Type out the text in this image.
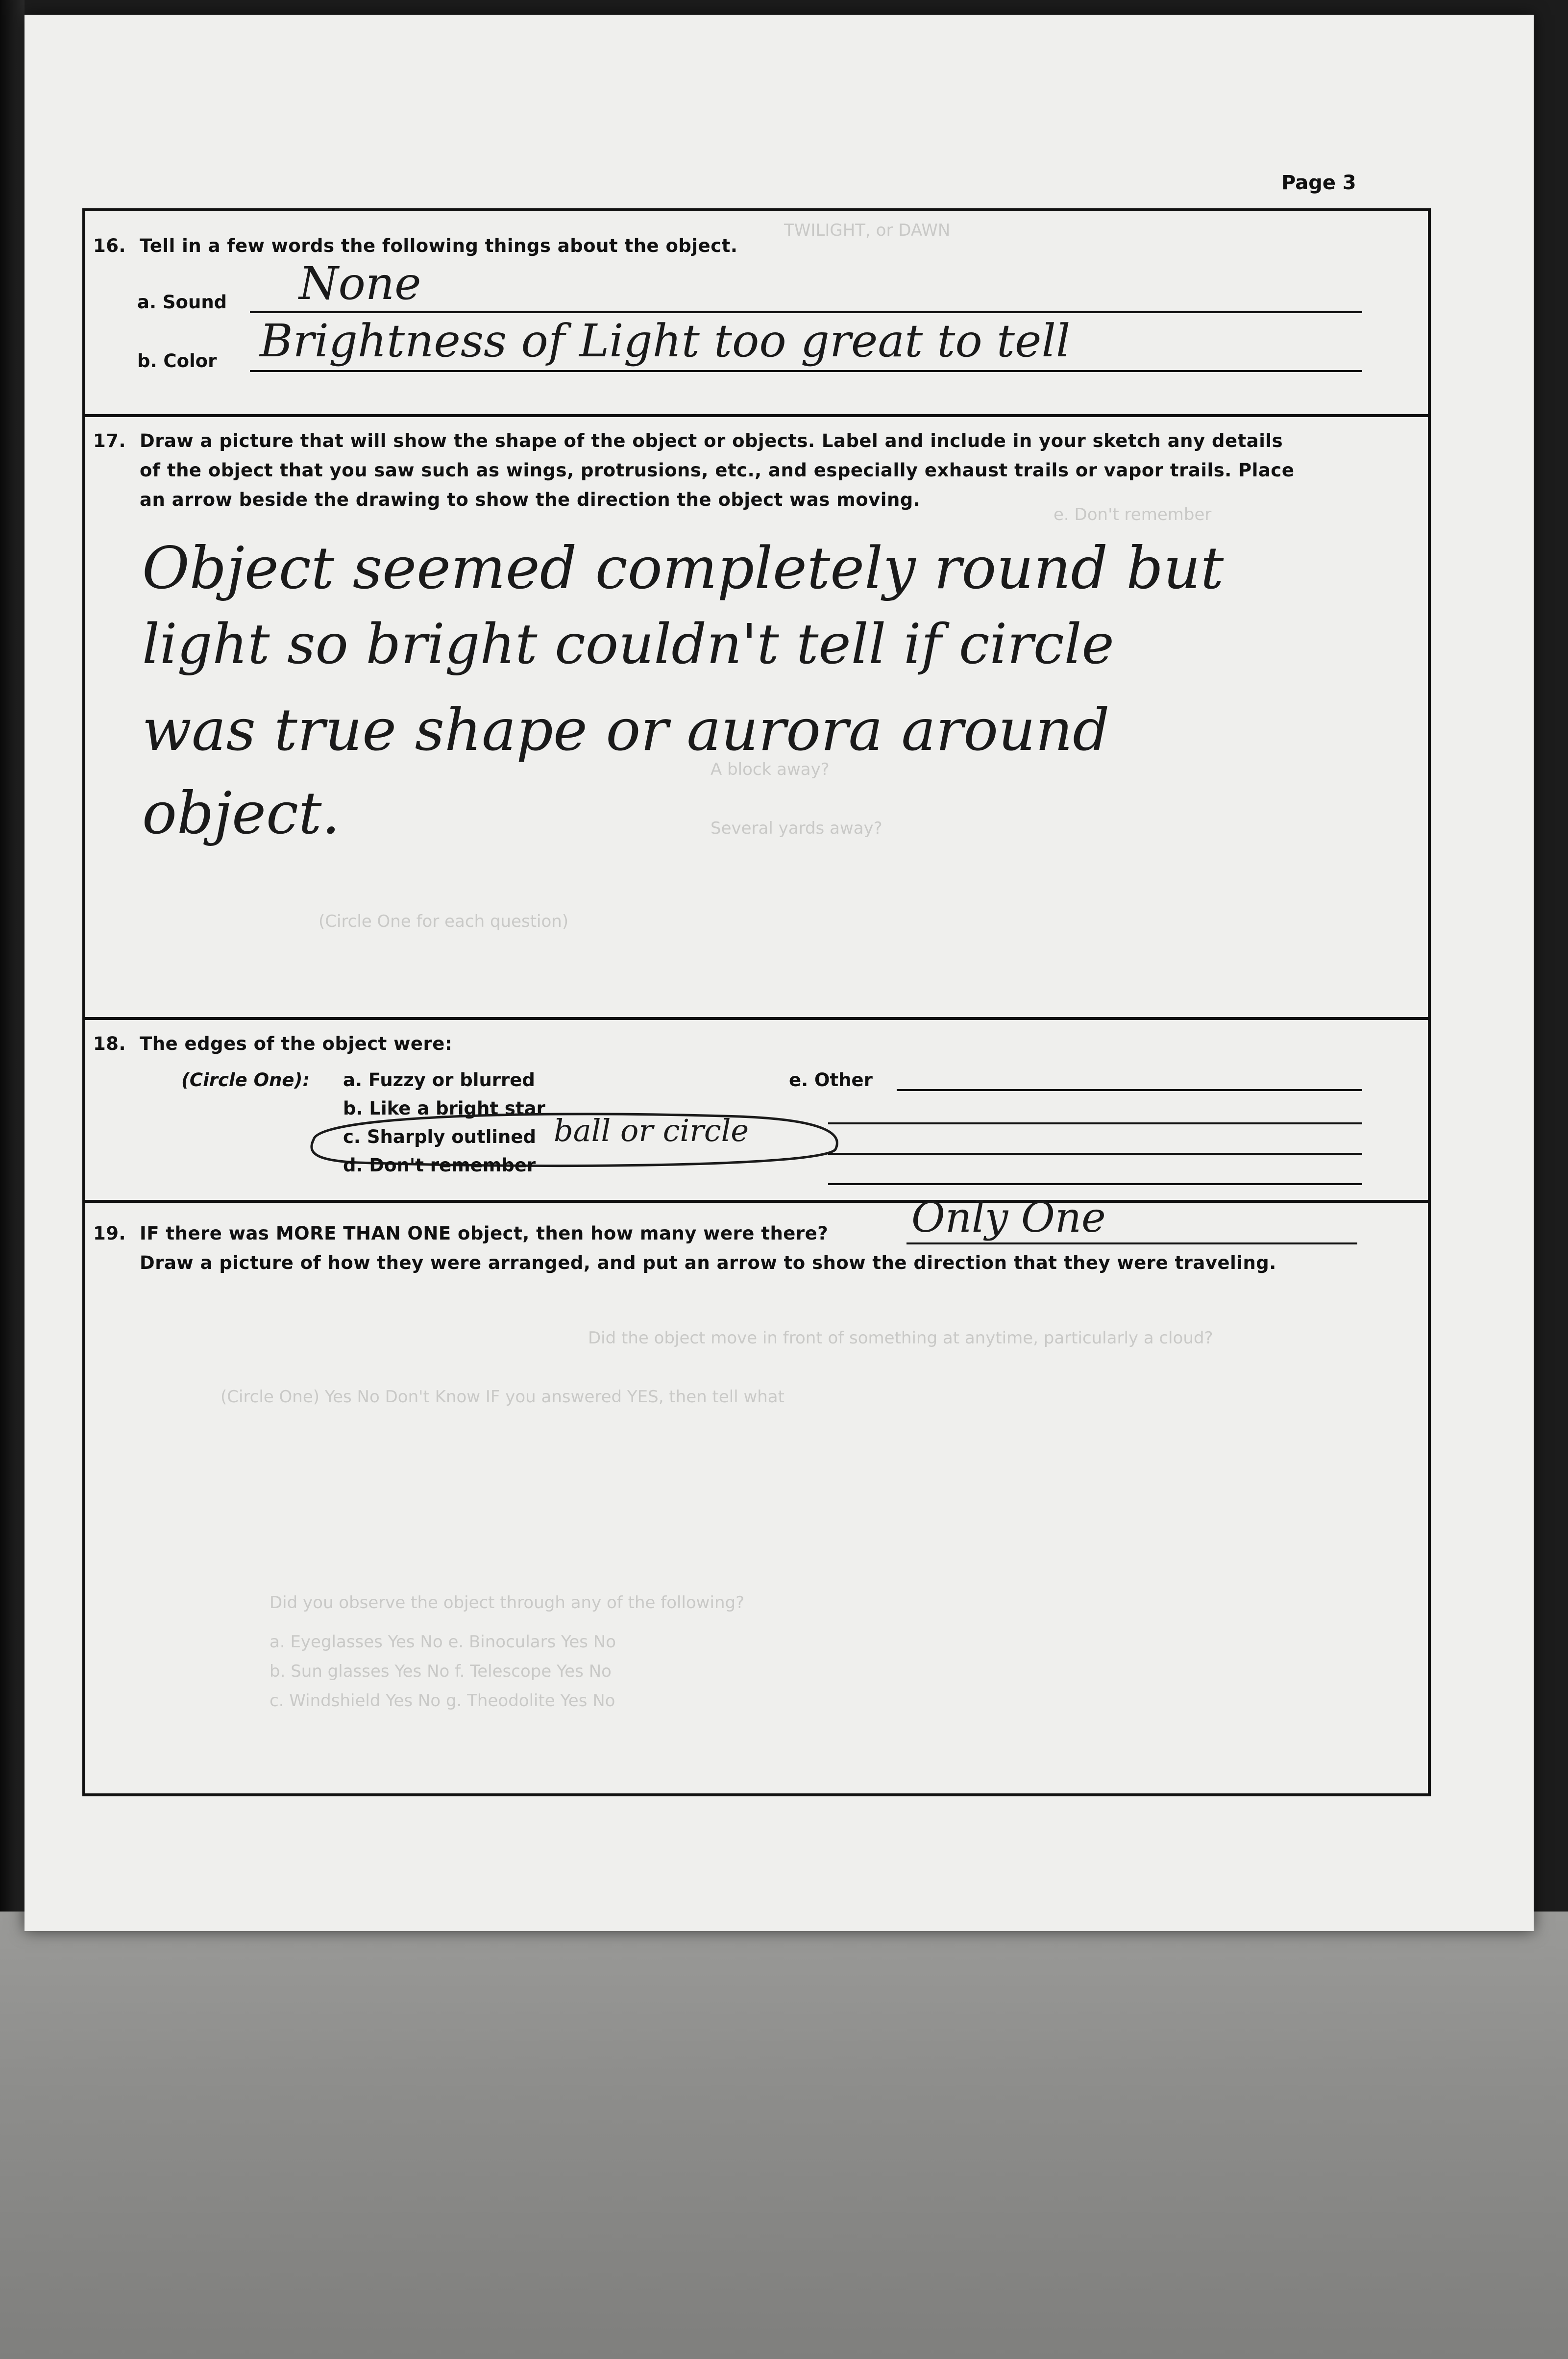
TWILIGHT, or DAWN
e. Don't remember
A block away?
Several yards away?
(Circle One for each question)
Did the object move in front of something at anytime, particularly a cloud?
(Circle One) Yes No Don't Know IF you answered YES, then tell what
Did you observe the object through any of the following?
a. Eyeglasses Yes No e. Binoculars Yes No
b. Sun glasses Yes No f. Telescope Yes No
c. Windshield Yes No g. Theodolite Yes No
Page 3
16. Tell in a few words the following things about the object.
a. Sound None
b. Color Brightness of Light too great to tell
17. Draw a picture that will show the shape of the object or objects. Label and include in your sketch any details
of the object that you saw such as wings, protrusions, etc., and especially exhaust trails or vapor trails. Place
an arrow beside the drawing to show the direction the object was moving.
Object seemed completely round but
light so bright couldn't tell if circle
was true shape or aurora around
object.
18. The edges of the object were:
(Circle One): a. Fuzzy or blurred
b. Like a bright star
c. Sharply outlined ball or circle
d. Don't remember
e. Other
19. IF there was MORE THAN ONE object, then how many were there? Only One
Draw a picture of how they were arranged, and put an arrow to show the direction that they were traveling.
